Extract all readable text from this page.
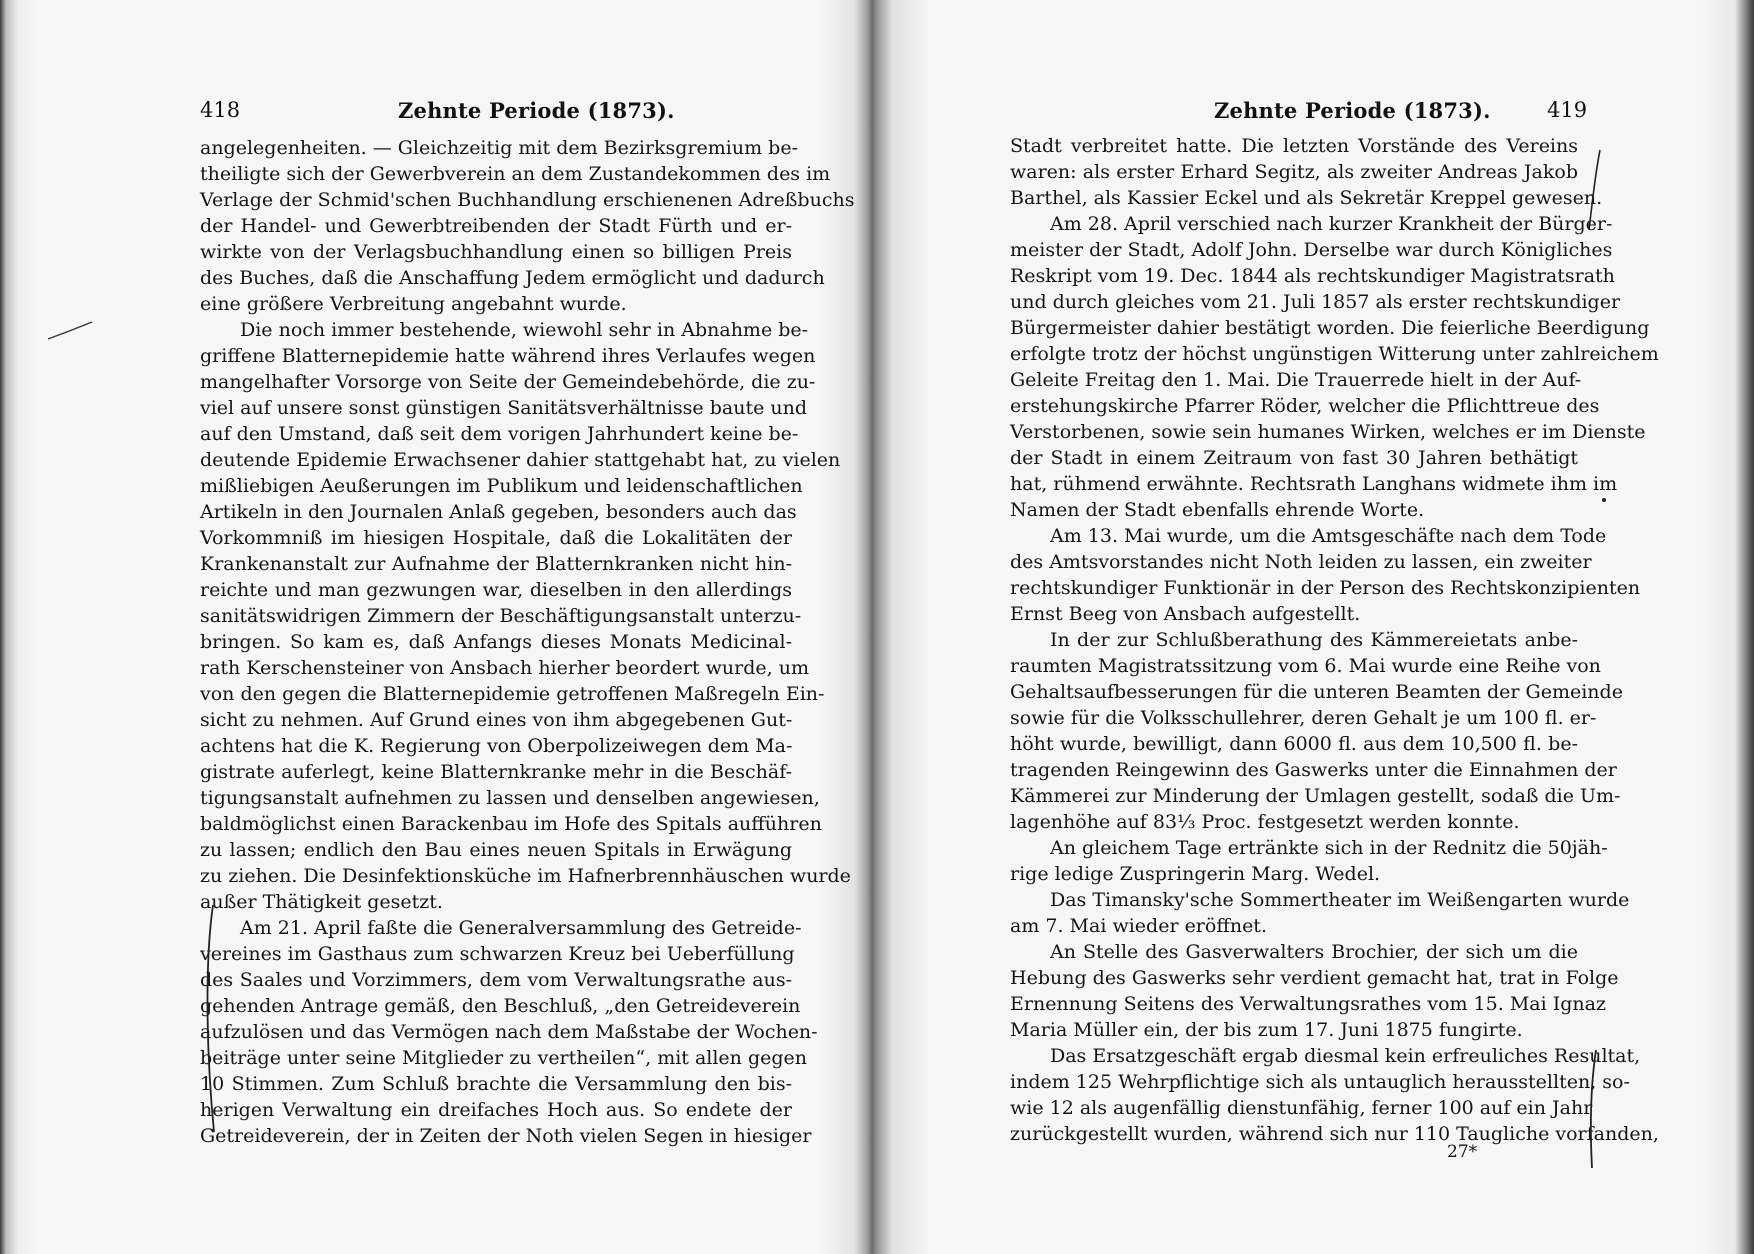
418	Zehnte Periode (1873).
angelegenheiten. — Gleichzeitig mit dem Bezirksgremium be-
theiligte sich der Gewerbverein an dem Zustandekommen des im
Verlage der Schmid'schen Buchhandlung erschienenen Adreßbuchs
der Handel- und Gewerbtreibenden der Stadt Fürth und er-
wirkte von der Verlagsbuchhandlung einen so billigen Preis
des Buches, daß die Anschaffung Jedem ermöglicht und dadurch
eine größere Verbreitung angebahnt wurde.
Die noch immer bestehende, wiewohl sehr in Abnahme be-
griffene Blatternepidemie hatte während ihres Verlaufes wegen
mangelhafter Vorsorge von Seite der Gemeindebehörde, die zu-
viel auf unsere sonst günstigen Sanitätsverhältnisse baute und
auf den Umstand, daß seit dem vorigen Jahrhundert keine be-
deutende Epidemie Erwachsener dahier stattgehabt hat, zu vielen
mißliebigen Aeußerungen im Publikum und leidenschaftlichen
Artikeln in den Journalen Anlaß gegeben, besonders auch das
Vorkommniß im hiesigen Hospitale, daß die Lokalitäten der
Krankenanstalt zur Aufnahme der Blatternkranken nicht hin-
reichte und man gezwungen war, dieselben in den allerdings
sanitätswidrigen Zimmern der Beschäftigungsanstalt unterzu-
bringen. So kam es, daß Anfangs dieses Monats Medicinal-
rath Kerschensteiner von Ansbach hierher beordert wurde, um
von den gegen die Blatternepidemie getroffenen Maßregeln Ein-
sicht zu nehmen. Auf Grund eines von ihm abgegebenen Gut-
achtens hat die K. Regierung von Oberpolizeiwegen dem Ma-
gistrate auferlegt, keine Blatternkranke mehr in die Beschäf-
tigungsanstalt aufnehmen zu lassen und denselben angewiesen,
baldmöglichst einen Barackenbau im Hofe des Spitals aufführen
zu lassen; endlich den Bau eines neuen Spitals in Erwägung
zu ziehen. Die Desinfektionsküche im Hafnerbrennhäuschen wurde
außer Thätigkeit gesetzt.
Am 21. April faßte die Generalversammlung des Getreide-
vereines im Gasthaus zum schwarzen Kreuz bei Ueberfüllung
des Saales und Vorzimmers, dem vom Verwaltungsrathe aus-
gehenden Antrage gemäß, den Beschluß, „den Getreideverein
aufzulösen und das Vermögen nach dem Maßstabe der Wochen-
beiträge unter seine Mitglieder zu vertheilen“, mit allen gegen
10 Stimmen. Zum Schluß brachte die Versammlung den bis-
herigen Verwaltung ein dreifaches Hoch aus. So endete der
Getreideverein, der in Zeiten der Noth vielen Segen in hiesiger
Zehnte Periode (1873).	419
Stadt verbreitet hatte. Die letzten Vorstände des Vereins
waren: als erster Erhard Segitz, als zweiter Andreas Jakob
Barthel, als Kassier Eckel und als Sekretär Kreppel gewesen.
Am 28. April verschied nach kurzer Krankheit der Bürger-
meister der Stadt, Adolf John. Derselbe war durch Königliches
Reskript vom 19. Dec. 1844 als rechtskundiger Magistratsrath
und durch gleiches vom 21. Juli 1857 als erster rechtskundiger
Bürgermeister dahier bestätigt worden. Die feierliche Beerdigung
erfolgte trotz der höchst ungünstigen Witterung unter zahlreichem
Geleite Freitag den 1. Mai. Die Trauerrede hielt in der Auf-
erstehungskirche Pfarrer Röder, welcher die Pflichttreue des
Verstorbenen, sowie sein humanes Wirken, welches er im Dienste
der Stadt in einem Zeitraum von fast 30 Jahren bethätigt
hat, rühmend erwähnte. Rechtsrath Langhans widmete ihm im
Namen der Stadt ebenfalls ehrende Worte.
Am 13. Mai wurde, um die Amtsgeschäfte nach dem Tode
des Amtsvorstandes nicht Noth leiden zu lassen, ein zweiter
rechtskundiger Funktionär in der Person des Rechtskonzipienten
Ernst Beeg von Ansbach aufgestellt.
In der zur Schlußberathung des Kämmereietats anbe-
raumten Magistratssitzung vom 6. Mai wurde eine Reihe von
Gehaltsaufbesserungen für die unteren Beamten der Gemeinde
sowie für die Volksschullehrer, deren Gehalt je um 100 fl. er-
höht wurde, bewilligt, dann 6000 fl. aus dem 10,500 fl. be-
tragenden Reingewinn des Gaswerks unter die Einnahmen der
Kämmerei zur Minderung der Umlagen gestellt, sodaß die Um-
lagenhöhe auf 83⅓ Proc. festgesetzt werden konnte.
An gleichem Tage ertränkte sich in der Rednitz die 50jäh-
rige ledige Zuspringerin Marg. Wedel.
Das Timansky'sche Sommertheater im Weißengarten wurde
am 7. Mai wieder eröffnet.
An Stelle des Gasverwalters Brochier, der sich um die
Hebung des Gaswerks sehr verdient gemacht hat, trat in Folge
Ernennung Seitens des Verwaltungsrathes vom 15. Mai Ignaz
Maria Müller ein, der bis zum 17. Juni 1875 fungirte.
Das Ersatzgeschäft ergab diesmal kein erfreuliches Resultat,
indem 125 Wehrpflichtige sich als untauglich herausstellten, so-
wie 12 als augenfällig dienstunfähig, ferner 100 auf ein Jahr
zurückgestellt wurden, während sich nur 110 Taugliche vorfanden,
27*
